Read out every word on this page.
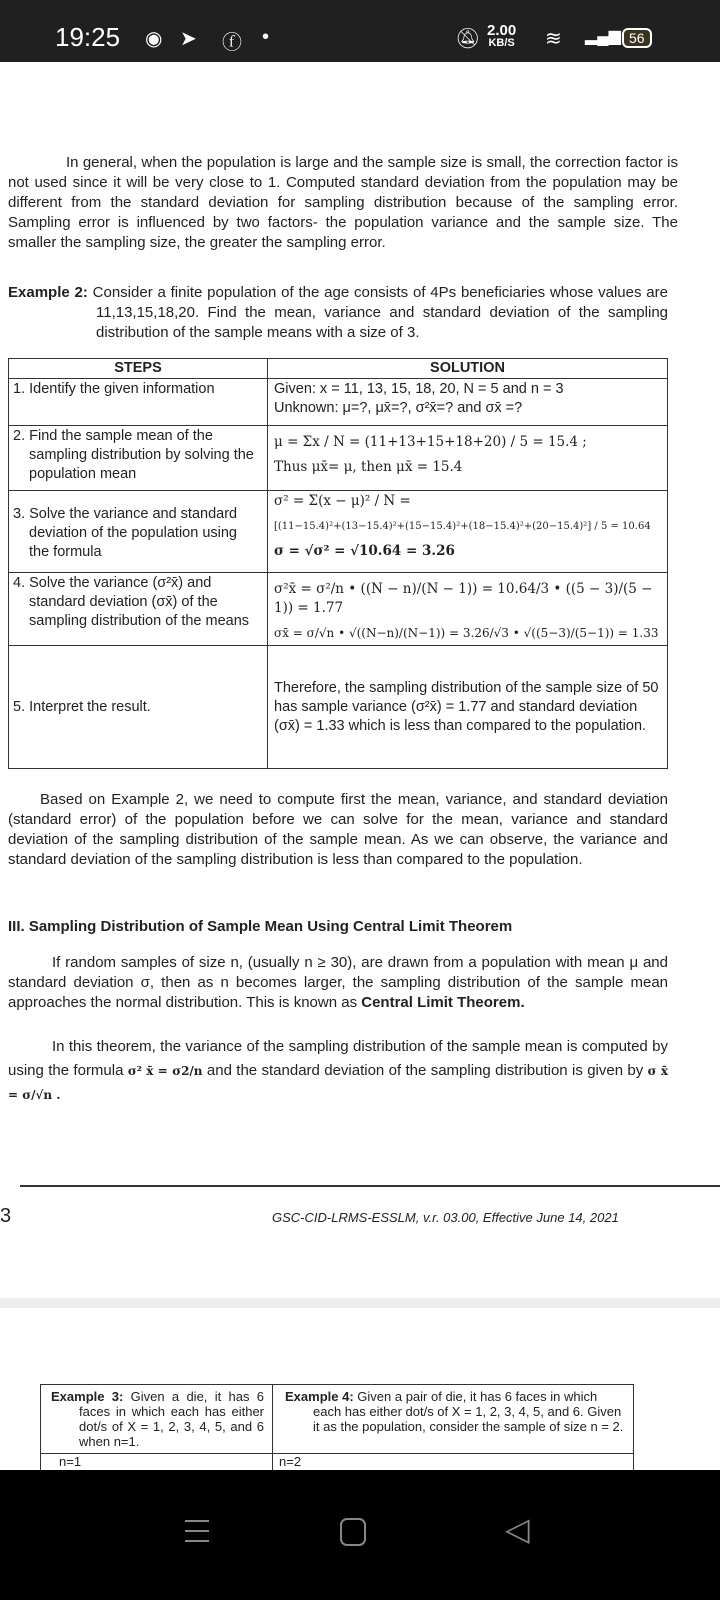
19:25 ◉ ➤ ⓕ •	🔕︎ 2.00
KB/S ≋ ▂▄▆ 56

In general, when the population is large and the sample size is small, the correction factor is not used since it will be very close to 1. Computed standard deviation from the population may be different from the standard deviation for sampling distribution because of the sampling error. Sampling error is influenced by two factors- the population variance and the sample size. The smaller the sampling size, the greater the sampling error.

Example 2: Consider a finite population of the age consists of 4Ps beneficiaries whose values are 11,13,15,18,20. Find the mean, variance and standard deviation of the sampling distribution of the sample means with a size of 3.
STEPS	SOLUTION
1. Identify the given information	Given: x = 11, 13, 15, 18, 20, N = 5 and n = 3
Unknown: μ=?, μx̄=?, σ²x̄=? and σx̄ =?

2. Find the sample mean of the sampling distribution by solving the population mean	μ = Σx / N = (11+13+15+18+20) / 5 = 15.4 ;
Thus μx̄= μ, then μx̄ = 15.4

3. Solve the variance and standard deviation of the population using the formula	σ² = Σ(x − μ)² / N =
[(11−15.4)²+(13−15.4)²+(15−15.4)²+(18−15.4)²+(20−15.4)²] / 5 = 10.64
σ = √σ² = √10.64 = 3.26

4. Solve the variance (σ²x̄) and standard deviation (σx̄) of the sampling distribution of the means	σ²x̄ = σ²/n • ((N − n)/(N − 1)) = 10.64/3 • ((5 − 3)/(5 − 1)) = 1.77
σx̄ = σ/√n • √((N−n)/(N−1)) = 3.26/√3 • √((5−3)/(5−1)) = 1.33

5. Interpret the result.	Therefore, the sampling distribution of the sample size of 50 has sample variance (σ²x̄) = 1.77 and standard deviation (σx̄) = 1.33 which is less than compared to the population.

Based on Example 2, we need to compute first the mean, variance, and standard deviation (standard error) of the population before we can solve for the mean, variance and standard deviation of the sampling distribution of the sample mean. As we can observe, the variance and standard deviation of the sampling distribution is less than compared to the population.

III. Sampling Distribution of Sample Mean Using Central Limit Theorem

If random samples of size n, (usually n ≥ 30), are drawn from a population with mean μ and standard deviation σ, then as n becomes larger, the sampling distribution of the sample mean approaches the normal distribution. This is known as Central Limit Theorem.

In this theorem, the variance of the sampling distribution of the sample mean is computed by using the formula σ² x̄ = σ2/n and the standard deviation of the sampling distribution is given by σ x̄ = σ/√n .

3	GSC-CID-LRMS-ESSLM, v.r. 03.00, Effective June 14, 2021
Example 3: Given a die, it has 6 faces in which each has either dot/s of X = 1, 2, 3, 4, 5, and 6 when n=1.	Example 4: Given a pair of die, it has 6 faces in which each has either dot/s of X = 1, 2, 3, 4, 5, and 6. Given it as the population, consider the sample of size n = 2.
n=1	n=2
◁
